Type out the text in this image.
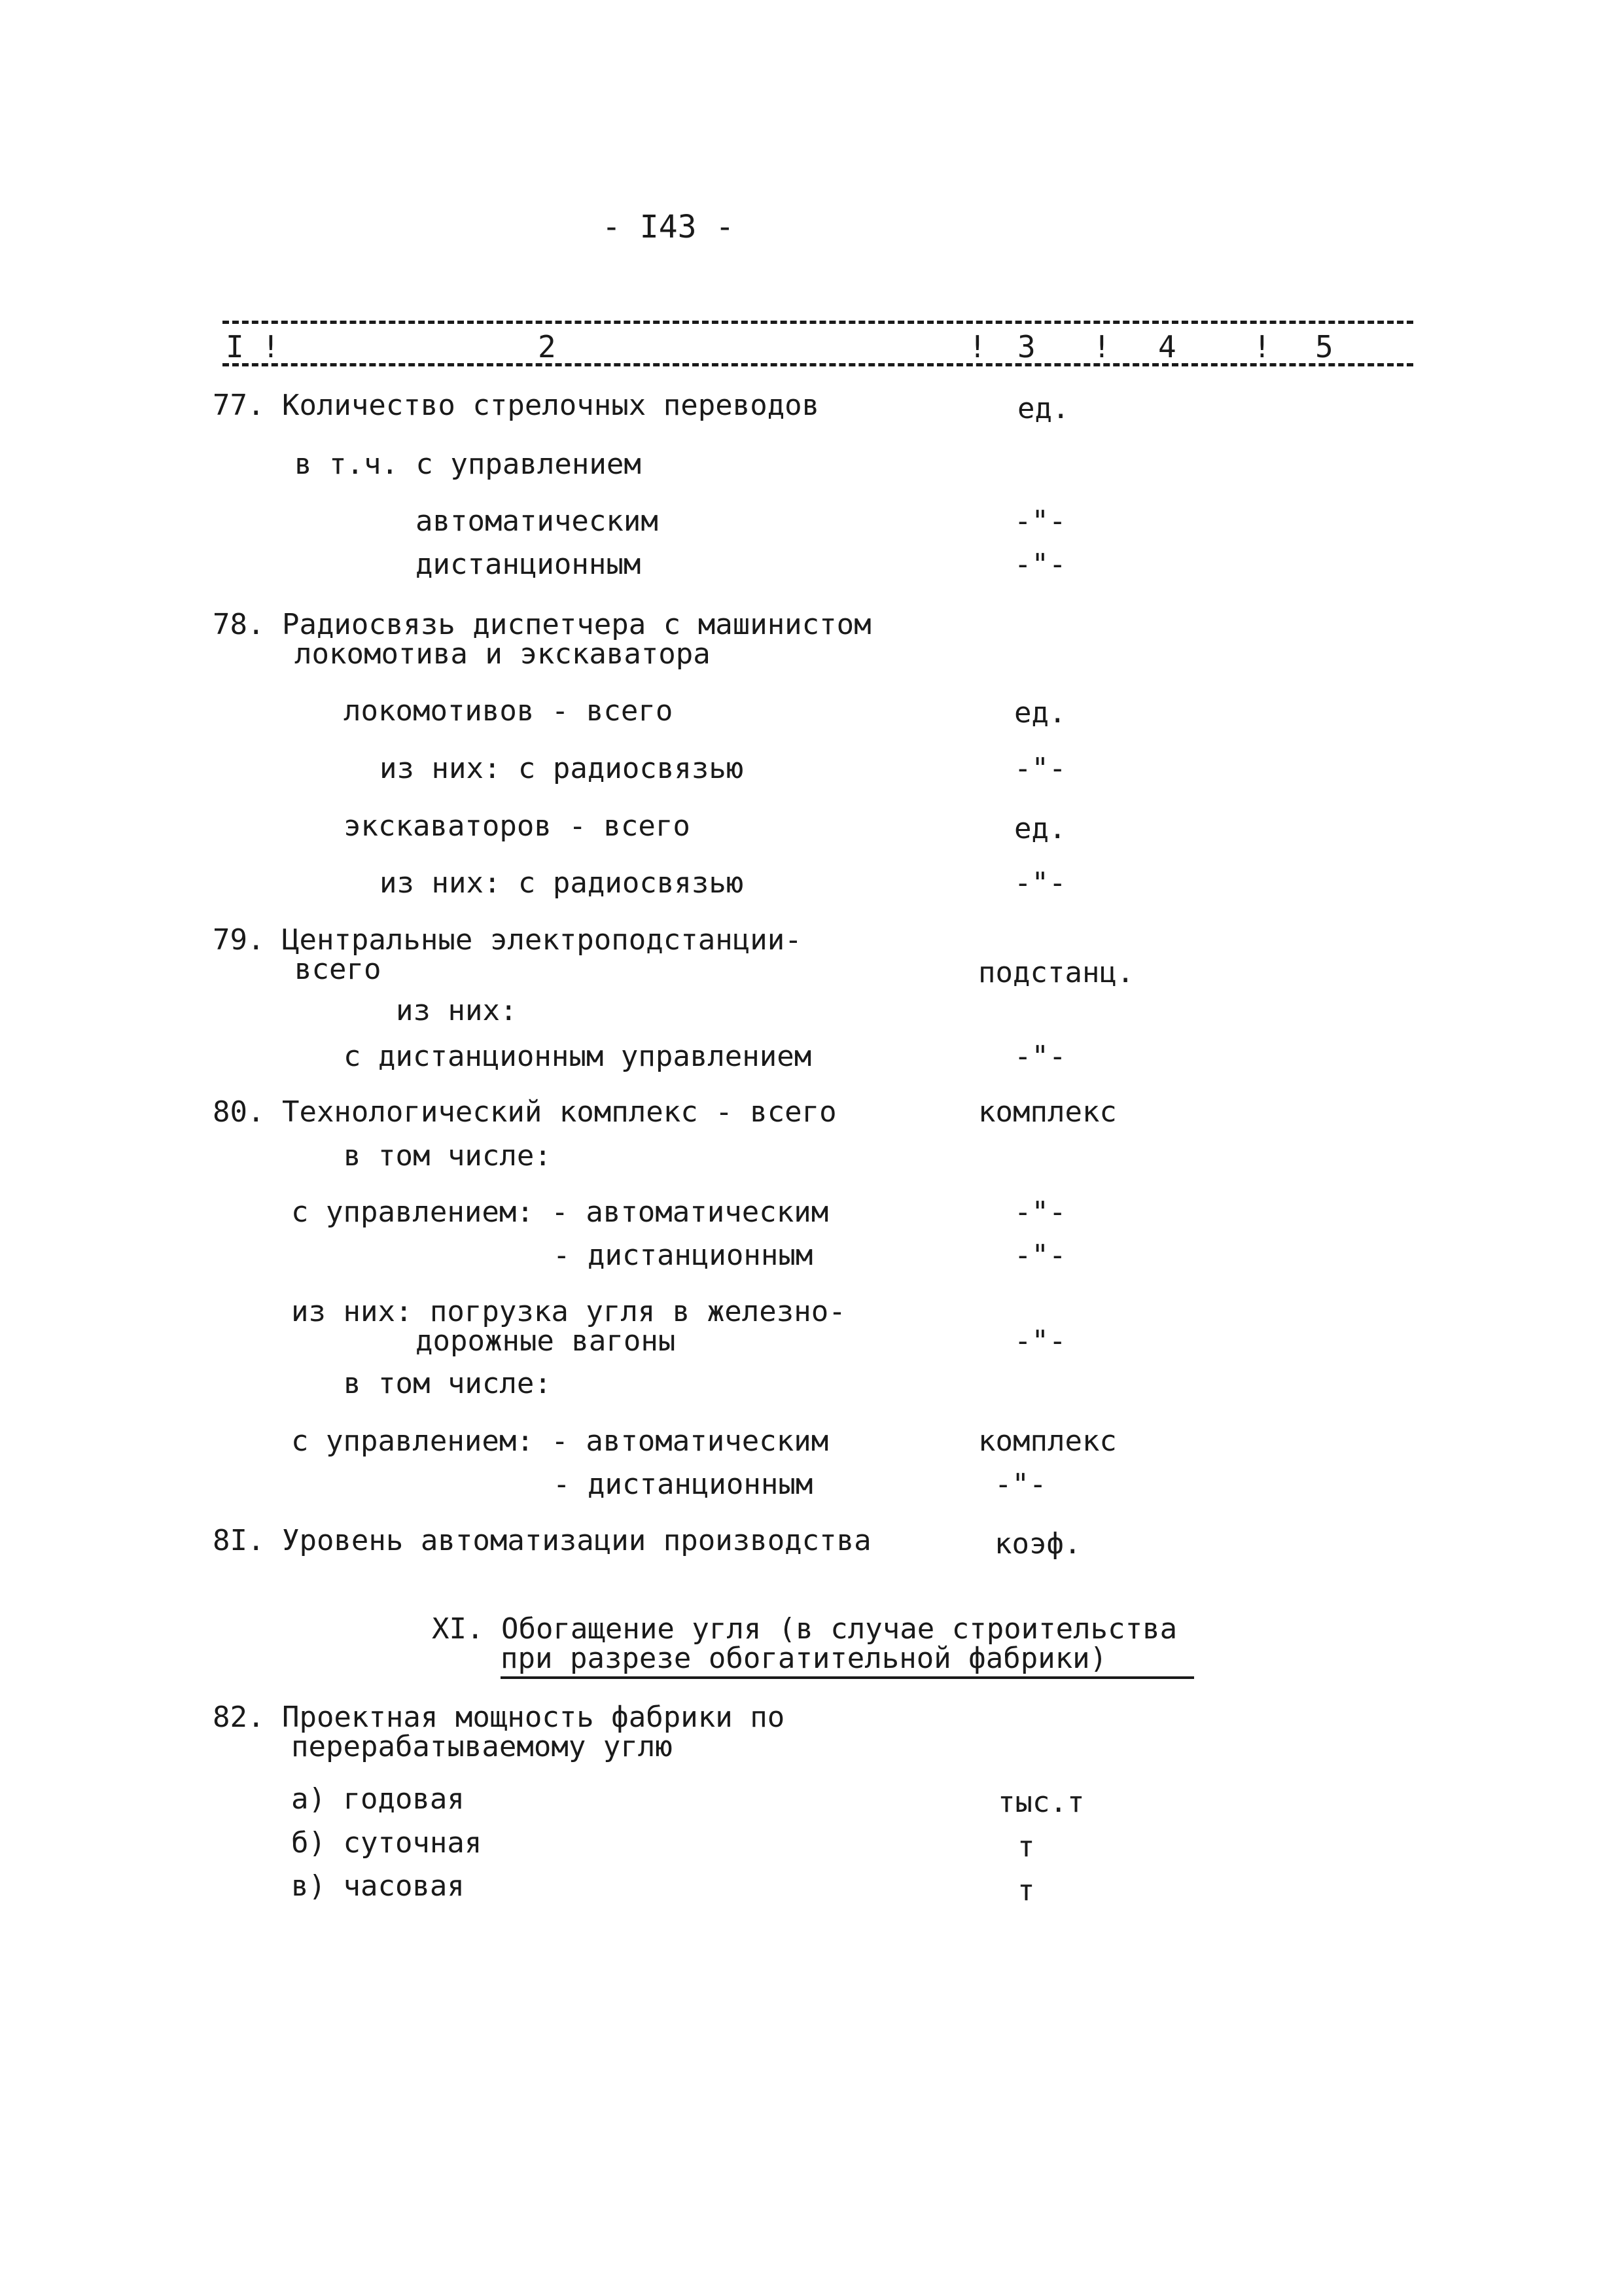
- I43 -
I !	2	! 3 ! 4	! 5
77. Количество стрелочных переводов	ед.
в т.ч. с управлением
автоматическим	-"-
дистанционным	-"-
78. Радиосвязь диспетчера с машинистом
локомотива и экскаватора
локомотивов - всего	ед.
из них: с радиосвязью	-"-
экскаваторов - всего	ед.
из них: с радиосвязью	-"-
79. Центральные электроподстанции-
всего	подстанц.
из них:
с дистанционным управлением	-"-
80. Технологический комплекс - всего	комплекс
в том числе:
с управлением: - автоматическим	-"-
- дистанционным	-"-
из них: погрузка угля в железно-
дорожные вагоны	-"-
в том числе:
с управлением: - автоматическим	комплекс
- дистанционным	-"-
8I. Уровень автоматизации производства	коэф.
XI. Обогащение угля (в случае строительства
при разрезе обогатительной фабрики)
82. Проектная мощность фабрики по
перерабатываемому углю
а) годовая	тыс.т
б) суточная	т
в) часовая	т
